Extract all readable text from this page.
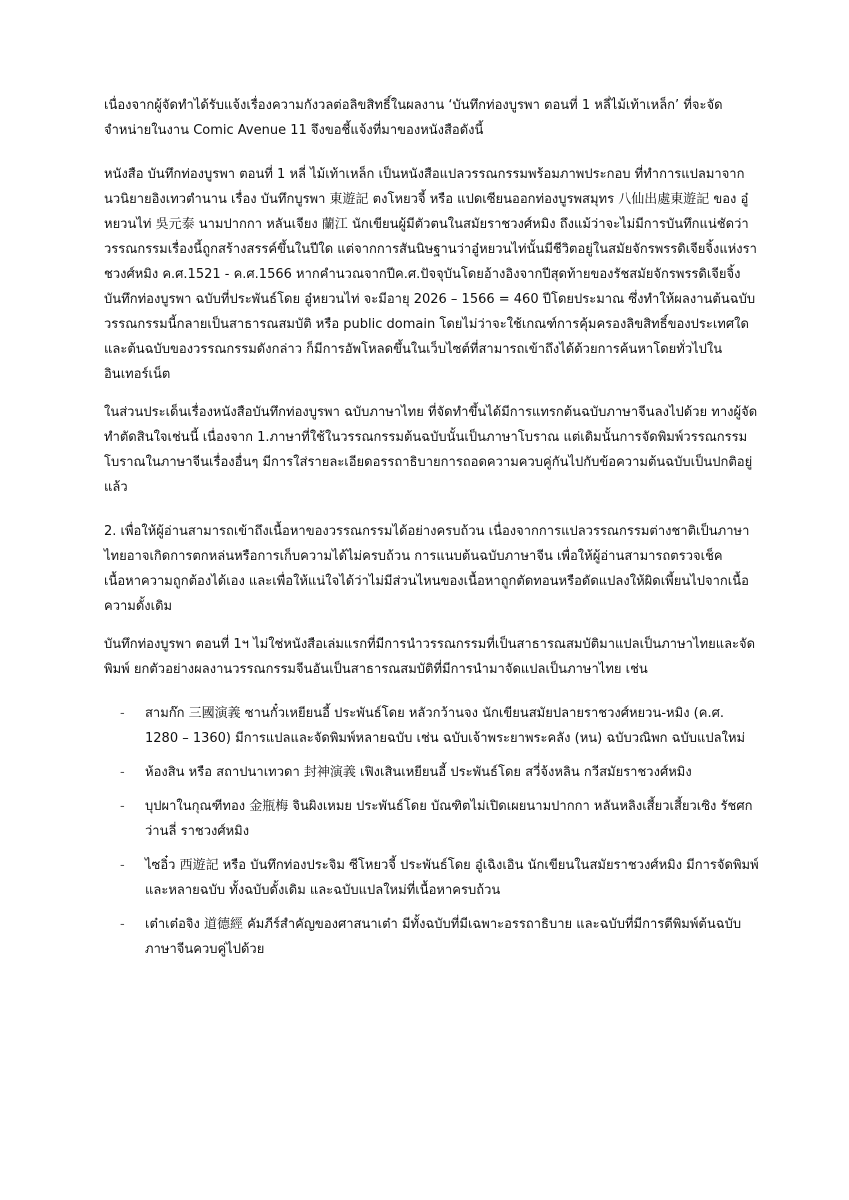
เนื่องจากผู้จัดทำได้รับแจ้งเรื่องความกังวลต่อลิขสิทธิ์ในผลงาน ‘บันทึกท่องบูรพา ตอนที่ 1 หลี่ไม้เท้าเหล็ก’ ที่จะจัดจำหน่ายในงาน Comic Avenue 11 จึงขอชี้แจ้งที่มาของหนังสือดังนี้

หนังสือ บันทึกท่องบูรพา ตอนที่ 1 หลี่ ไม้เท้าเหล็ก เป็นหนังสือแปลวรรณกรรมพร้อมภาพประกอบ ที่ทำการแปลมาจากนวนิยายอิงเทวตำนาน เรื่อง บันทึกบูรพา 東遊記 ตงโหยวจี้ หรือ แปดเซียนออกท่องบูรพสมุทร 八仙出處東遊記 ของ อู๋หยวนไท่ 吳元泰 นามปากกา หลันเจียง 蘭江 นักเขียนผู้มีตัวตนในสมัยราชวงศ์หมิง ถึงแม้ว่าจะไม่มีการบันทึกแน่ชัดว่าวรรณกรรมเรื่องนี้ถูกสร้างสรรค์ขึ้นในปีใด แต่จากการสันนิษฐานว่าอู๋หยวนไท่นั้นมีชีวิตอยู่ในสมัยจักรพรรดิเจียจิ้งแห่งราชวงศ์หมิง ค.ศ.1521 - ค.ศ.1566 หากคำนวณจากปีค.ศ.ปัจจุบันโดยอ้างอิงจากปีสุดท้ายของรัชสมัยจักรพรรดิเจียจิ้ง บันทึกท่องบูรพา ฉบับที่ประพันธ์โดย อู๋หยวนไท่ จะมีอายุ 2026 – 1566 = 460 ปีโดยประมาณ ซึ่งทำให้ผลงานต้นฉบับวรรณกรรมนี้กลายเป็นสาธารณสมบัติ หรือ public domain โดยไม่ว่าจะใช้เกณฑ์การคุ้มครองลิขสิทธิ์ของประเทศใด และต้นฉบับของวรรณกรรมดังกล่าว ก็มีการอัพโหลดขึ้นในเว็บไซต์ที่สามารถเข้าถึงได้ด้วยการค้นหาโดยทั่วไปในอินเทอร์เน็ต

ในส่วนประเด็นเรื่องหนังสือบันทึกท่องบูรพา ฉบับภาษาไทย ที่จัดทำขึ้นได้มีการแทรกต้นฉบับภาษาจีนลงไปด้วย ทางผู้จัดทำตัดสินใจเช่นนี้ เนื่องจาก 1.ภาษาที่ใช้ในวรรณกรรมต้นฉบับนั้นเป็นภาษาโบราณ แต่เดิมนั้นการจัดพิมพ์วรรณกรรมโบราณในภาษาจีนเรื่องอื่นๆ มีการใส่รายละเอียดอรรถาธิบายการถอดความควบคู่กันไปกับข้อความต้นฉบับเป็นปกติอยู่แล้ว

2. เพื่อให้ผู้อ่านสามารถเข้าถึงเนื้อหาของวรรณกรรมได้อย่างครบถ้วน เนื่องจากการแปลวรรณกรรมต่างชาติเป็นภาษาไทยอาจเกิดการตกหล่นหรือการเก็บความได้ไม่ครบถ้วน การแนบต้นฉบับภาษาจีน เพื่อให้ผู้อ่านสามารถตรวจเช็คเนื้อหาความถูกต้องได้เอง และเพื่อให้แน่ใจได้ว่าไม่มีส่วนไหนของเนื้อหาถูกตัดทอนหรือดัดแปลงให้ผิดเพี้ยนไปจากเนื้อความดั้งเดิม

บันทึกท่องบูรพา ตอนที่ 1ฯ ไม่ใช่หนังสือเล่มแรกที่มีการนำวรรณกรรมที่เป็นสาธารณสมบัติมาแปลเป็นภาษาไทยและจัดพิมพ์ ยกตัวอย่างผลงานวรรณกรรมจีนอันเป็นสาธารณสมบัติที่มีการนำมาจัดแปลเป็นภาษาไทย เช่น

- สามก๊ก 三國演義 ซานกั๋วเหยียนอี้ ประพันธ์โดย หลัวกว้านจง นักเขียนสมัยปลายราชวงศ์หยวน-หมิง (ค.ศ. 1280 – 1360) มีการแปลและจัดพิมพ์หลายฉบับ เช่น ฉบับเจ้าพระยาพระคลัง (หน) ฉบับวณิพก ฉบับแปลใหม่
- ห้องสิน หรือ สถาปนาเทวดา 封神演義 เฟิงเสินเหยียนอี้ ประพันธ์โดย สวี่จ้งหลิน กวีสมัยราชวงศ์หมิง
- บุปผาในกุณฑีทอง 金瓶梅 จินผิงเหมย ประพันธ์โดย บัณฑิตไม่เปิดเผยนามปากกา หลันหลิงเสี้ยวเสี้ยวเซิง รัชศกว่านลี่ ราชวงศ์หมิง
- ไซอิ๋ว 西遊記 หรือ บันทึกท่องประจิม ซีโหยวจี้ ประพันธ์โดย อู๋เฉิงเอิน นักเขียนในสมัยราชวงศ์หมิง มีการจัดพิมพ์และหลายฉบับ ทั้งฉบับดั้งเดิม และฉบับแปลใหม่ที่เนื้อหาครบถ้วน
- เต๋าเต๋อจิง 道德經 คัมภีร์สำคัญของศาสนาเต๋า มีทั้งฉบับที่มีเฉพาะอรรถาธิบาย และฉบับที่มีการตีพิมพ์ต้นฉบับภาษาจีนควบคู่ไปด้วย
